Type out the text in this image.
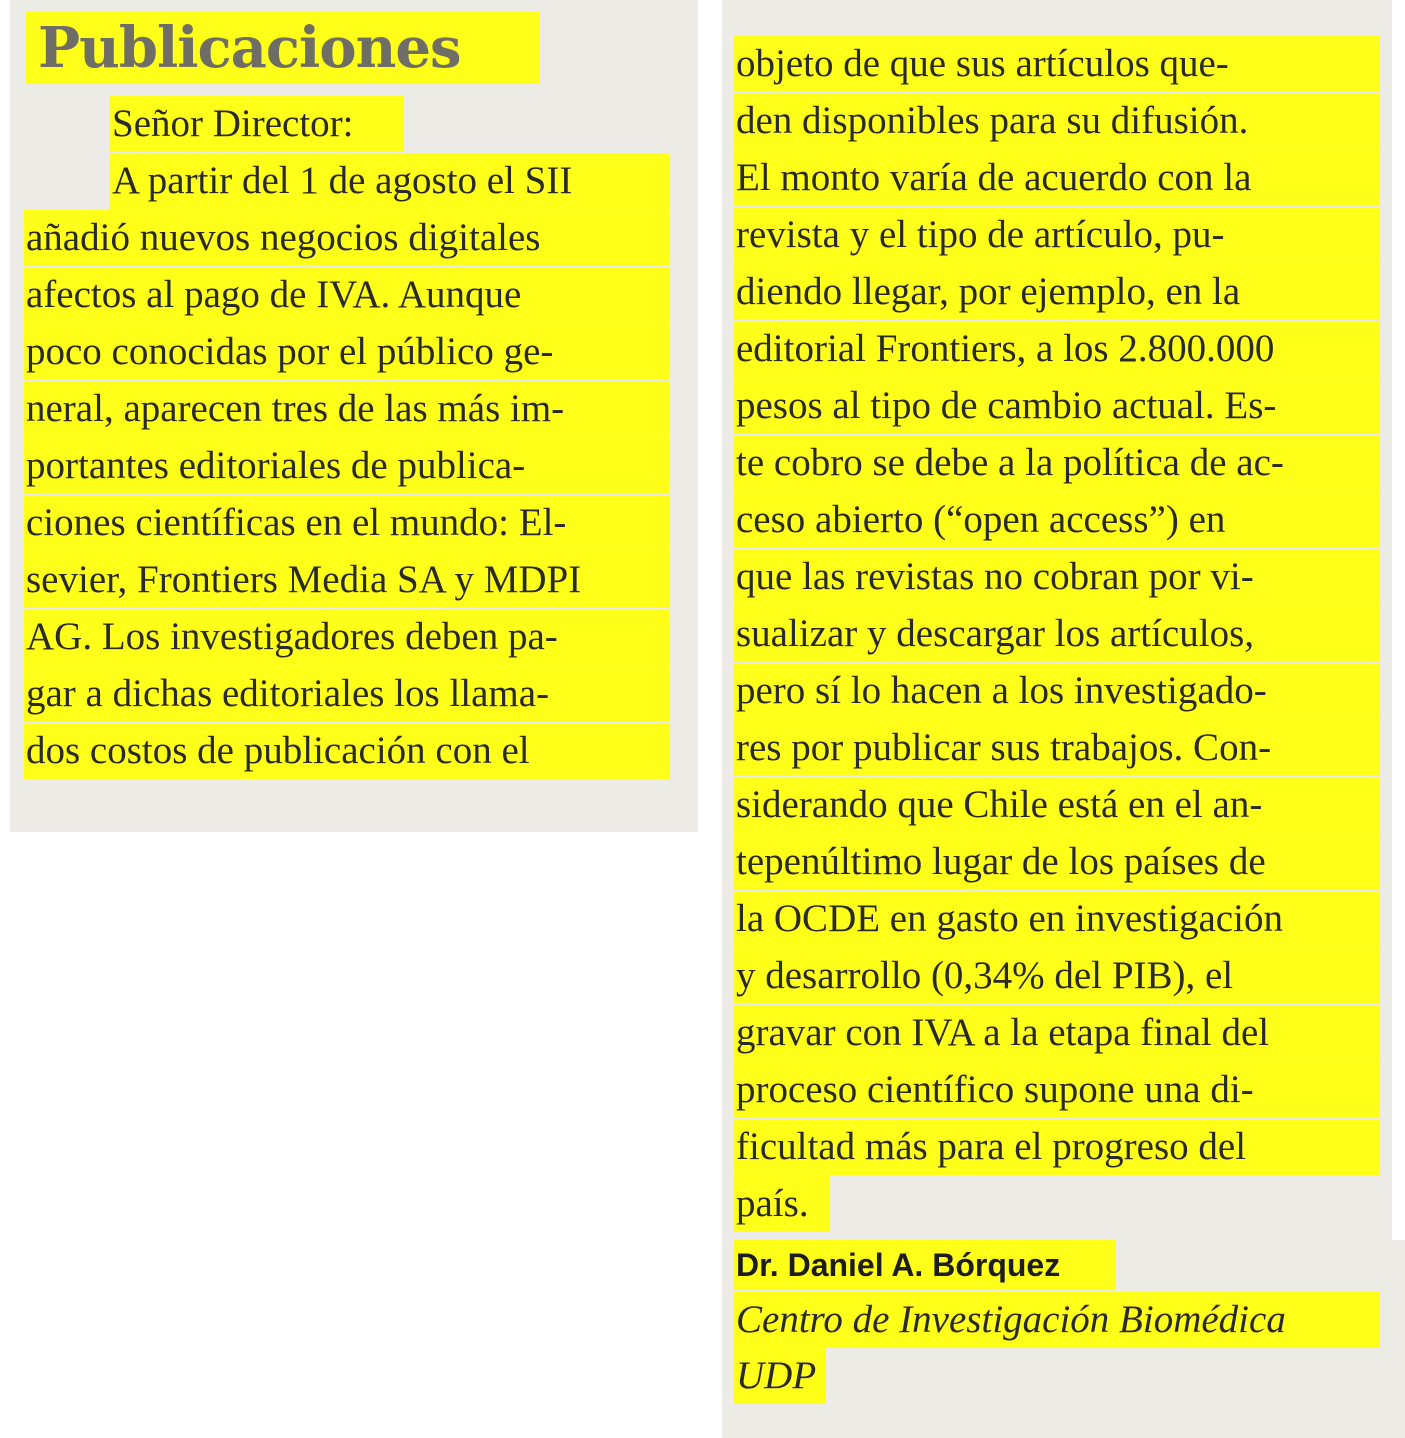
Publicaciones
Señor Director:
A partir del 1 de agosto el SII
añadió nuevos negocios digitales
afectos al pago de IVA. Aunque
poco conocidas por el público ge-
neral, aparecen tres de las más im-
portantes editoriales de publica-
ciones científicas en el mundo: El-
sevier, Frontiers Media SA y MDPI
AG. Los investigadores deben pa-
gar a dichas editoriales los llama-
dos costos de publicación con el
objeto de que sus artículos que-
den disponibles para su difusión.
El monto varía de acuerdo con la
revista y el tipo de artículo, pu-
diendo llegar, por ejemplo, en la
editorial Frontiers, a los 2.800.000
pesos al tipo de cambio actual. Es-
te cobro se debe a la política de ac-
ceso abierto (“open access”) en
que las revistas no cobran por vi-
sualizar y descargar los artículos,
pero sí lo hacen a los investigado-
res por publicar sus trabajos. Con-
siderando que Chile está en el an-
tepenúltimo lugar de los países de
la OCDE en gasto en investigación
y desarrollo (0,34% del PIB), el
gravar con IVA a la etapa final del
proceso científico supone una di-
ficultad más para el progreso del
país.
Dr. Daniel A. Bórquez
Centro de Investigación Biomédica
UDP
